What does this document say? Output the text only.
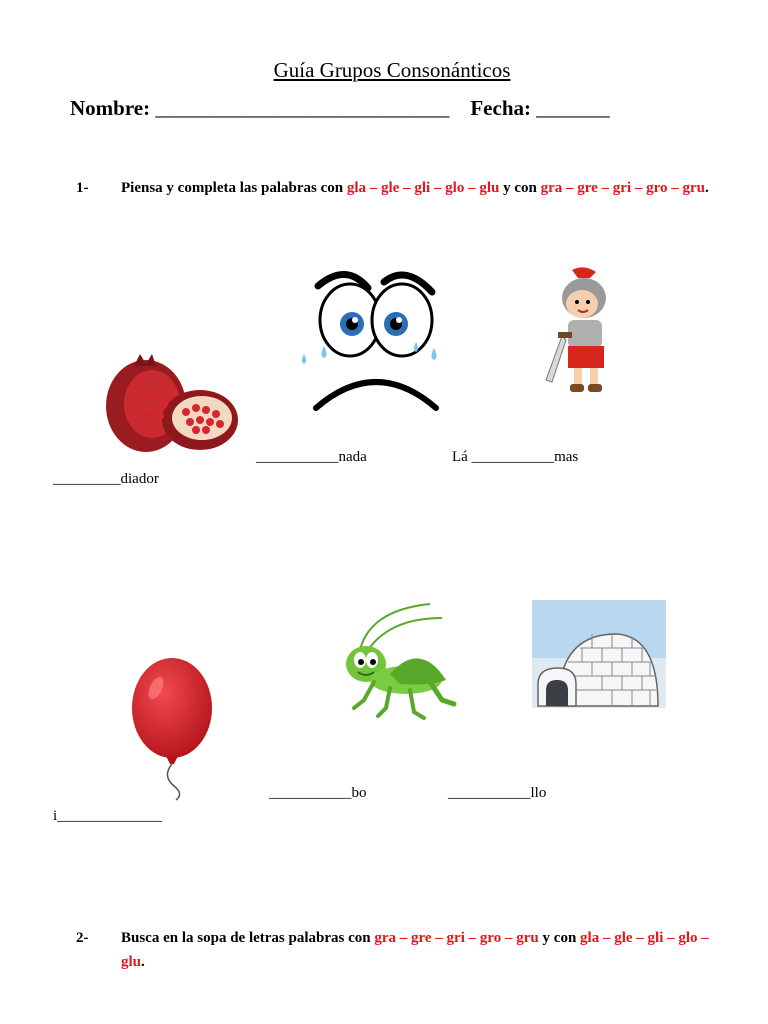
Guía Grupos Consonánticos
Nombre: ____________________________ Fecha: _______
1- Piensa y completa las palabras con gla – gle – gli – glo – glu y con gra – gre – gri – gro – gru.
___________nada	Lá ___________mas
_________diador
___________bo	___________llo
i______________
2- Busca en la sopa de letras palabras con gra – gre – gri – gro – gru y con gla – gle – gli – glo – glu.
